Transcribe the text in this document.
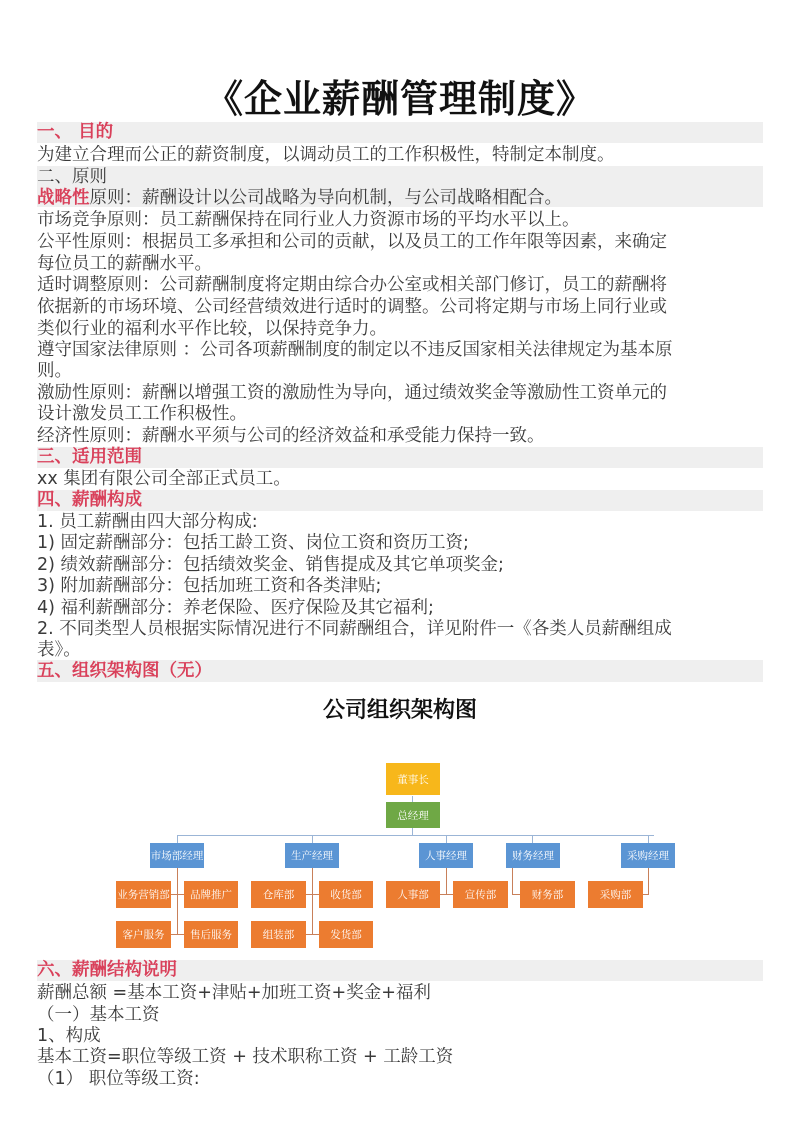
《企业薪酬管理制度》
一、 目的
为建立合理而公正的薪资制度，以调动员工的工作积极性，特制定本制度。
二、原则
战略性原则：薪酬设计以公司战略为导向机制，与公司战略相配合。
市场竞争原则：员工薪酬保持在同行业人力资源市场的平均水平以上。
公平性原则：根据员工多承担和公司的贡献，以及员工的工作年限等因素，来确定
每位员工的薪酬水平。
适时调整原则：公司薪酬制度将定期由综合办公室或相关部门修订，员工的薪酬将
依据新的市场环境、公司经营绩效进行适时的调整。公司将定期与市场上同行业或
类似行业的福利水平作比较，以保持竞争力。
遵守国家法律原则 ：公司各项薪酬制度的制定以不违反国家相关法律规定为基本原
则。
激励性原则：薪酬以增强工资的激励性为导向，通过绩效奖金等激励性工资单元的
设计激发员工工作积极性。
经济性原则：薪酬水平须与公司的经济效益和承受能力保持一致。
三、适用范围
xx 集团有限公司全部正式员工。
四、薪酬构成
1. 员工薪酬由四大部分构成:
1) 固定薪酬部分：包括工龄工资、岗位工资和资历工资;
2) 绩效薪酬部分：包括绩效奖金、销售提成及其它单项奖金;
3) 附加薪酬部分：包括加班工资和各类津贴;
4) 福利薪酬部分：养老保险、医疗保险及其它福利;
2. 不同类型人员根据实际情况进行不同薪酬组合，详见附件一《各类人员薪酬组成
表》。
五、组织架构图（无）
公司组织架构图
董事长
总经理
市场部经理	生产经理	人事经理	财务经理	采购经理
业务营销部	品牌推广
客户服务	售后服务
仓库部	收货部
组装部	发货部
人事部	宣传部	财务部	采购部
六、薪酬结构说明
薪酬总额 =基本工资+津贴+加班工资+奖金+福利
（一）基本工资
1、构成
基本工资=职位等级工资 + 技术职称工资 + 工龄工资
（1） 职位等级工资:
